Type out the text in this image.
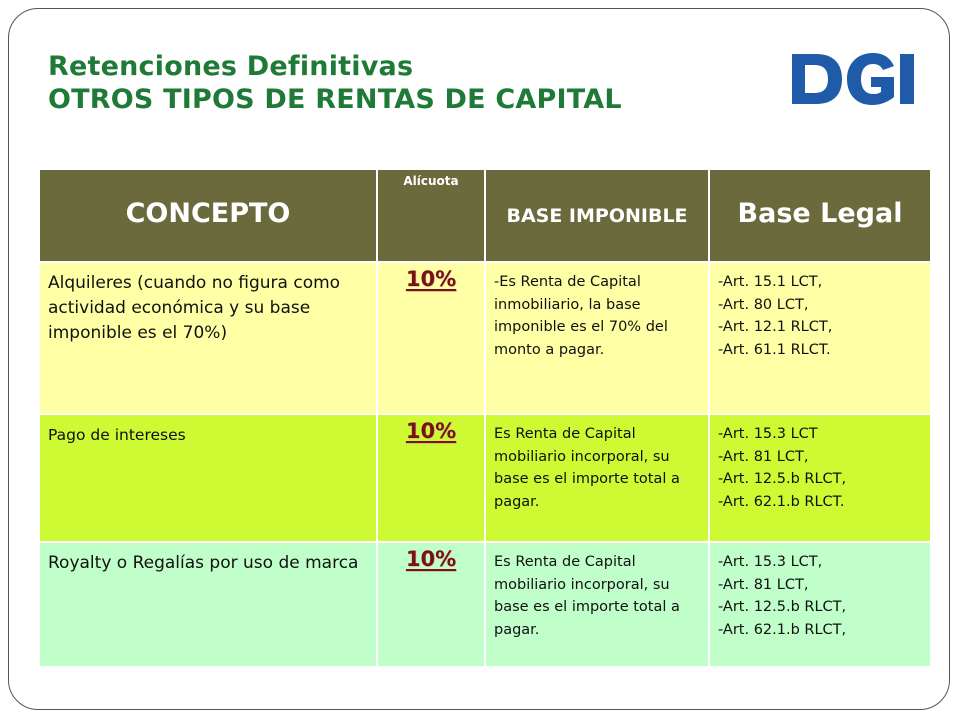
Retenciones Definitivas
OTROS TIPOS DE RENTAS DE CAPITAL
CONCEPTO	Alícuota	BASE IMPONIBLE	Base Legal
Alquileres (cuando no figura como actividad económica y su base imponible es el 70%)	10%	-Es Renta de Capital inmobiliario, la base imponible es el 70% del monto a pagar.	-Art. 15.1 LCT,
-Art. 80 LCT,
-Art. 12.1 RLCT,
-Art. 61.1 RLCT.

Pago de intereses	10%	Es Renta de Capital mobiliario incorporal, su base es el importe total a pagar.	-Art. 15.3 LCT
-Art. 81 LCT,
-Art. 12.5.b RLCT,
-Art. 62.1.b RLCT.

Royalty o Regalías por uso de marca	10%	Es Renta de Capital mobiliario incorporal, su base es el importe total a pagar.	-Art. 15.3 LCT,
-Art. 81 LCT,
-Art. 12.5.b RLCT,
-Art. 62.1.b RLCT,
